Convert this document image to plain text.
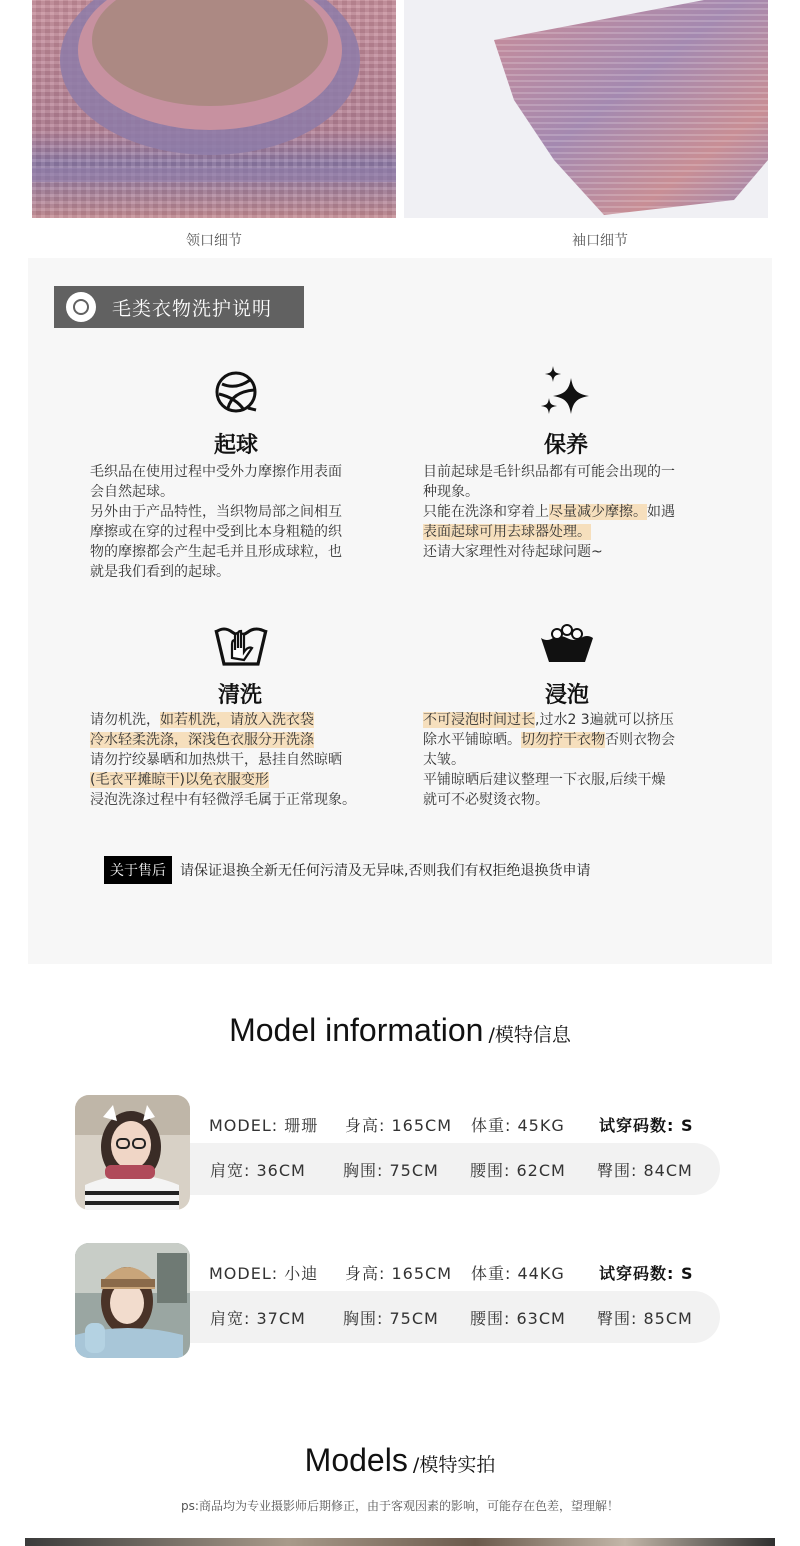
领口细节	袖口细节
毛类衣物洗护说明
起球
毛织品在使用过程中受外力摩擦作用表面
会自然起球。
另外由于产品特性，当织物局部之间相互
摩擦或在穿的过程中受到比本身粗糙的织
物的摩擦都会产生起毛并且形成球粒，也
就是我们看到的起球。
保养
目前起球是毛针织品都有可能会出现的一
种现象。
只能在洗涤和穿着上尽量减少摩擦。如遇
表面起球可用去球器处理。
还请大家理性对待起球问题~
清洗
请勿机洗，如若机洗，请放入洗衣袋
冷水轻柔洗涤，深浅色衣服分开洗涤
请勿拧绞暴晒和加热烘干，悬挂自然晾晒
(毛衣平摊晾干)以免衣服变形
浸泡洗涤过程中有轻微浮毛属于正常现象。
浸泡
不可浸泡时间过长,过水2 3遍就可以挤压
除水平铺晾晒。切勿拧干衣物否则衣物会
太皱。
平铺晾晒后建议整理一下衣服,后续干燥
就可不必熨烫衣物。
关于售后	请保证退换全新无任何污清及无异味,否则我们有权拒绝退换货申请
Model information /模特信息
MODEL: 珊珊 身高: 165CM 体重: 45KG 试穿码数: S
肩宽: 36CM 胸围: 75CM 腰围: 62CM 臀围: 84CM
MODEL: 小迪 身高: 165CM 体重: 44KG 试穿码数: S
肩宽: 37CM 胸围: 75CM 腰围: 63CM 臀围: 85CM
Models /模特实拍
ps:商品均为专业摄影师后期修正，由于客观因素的影响，可能存在色差，望理解！
